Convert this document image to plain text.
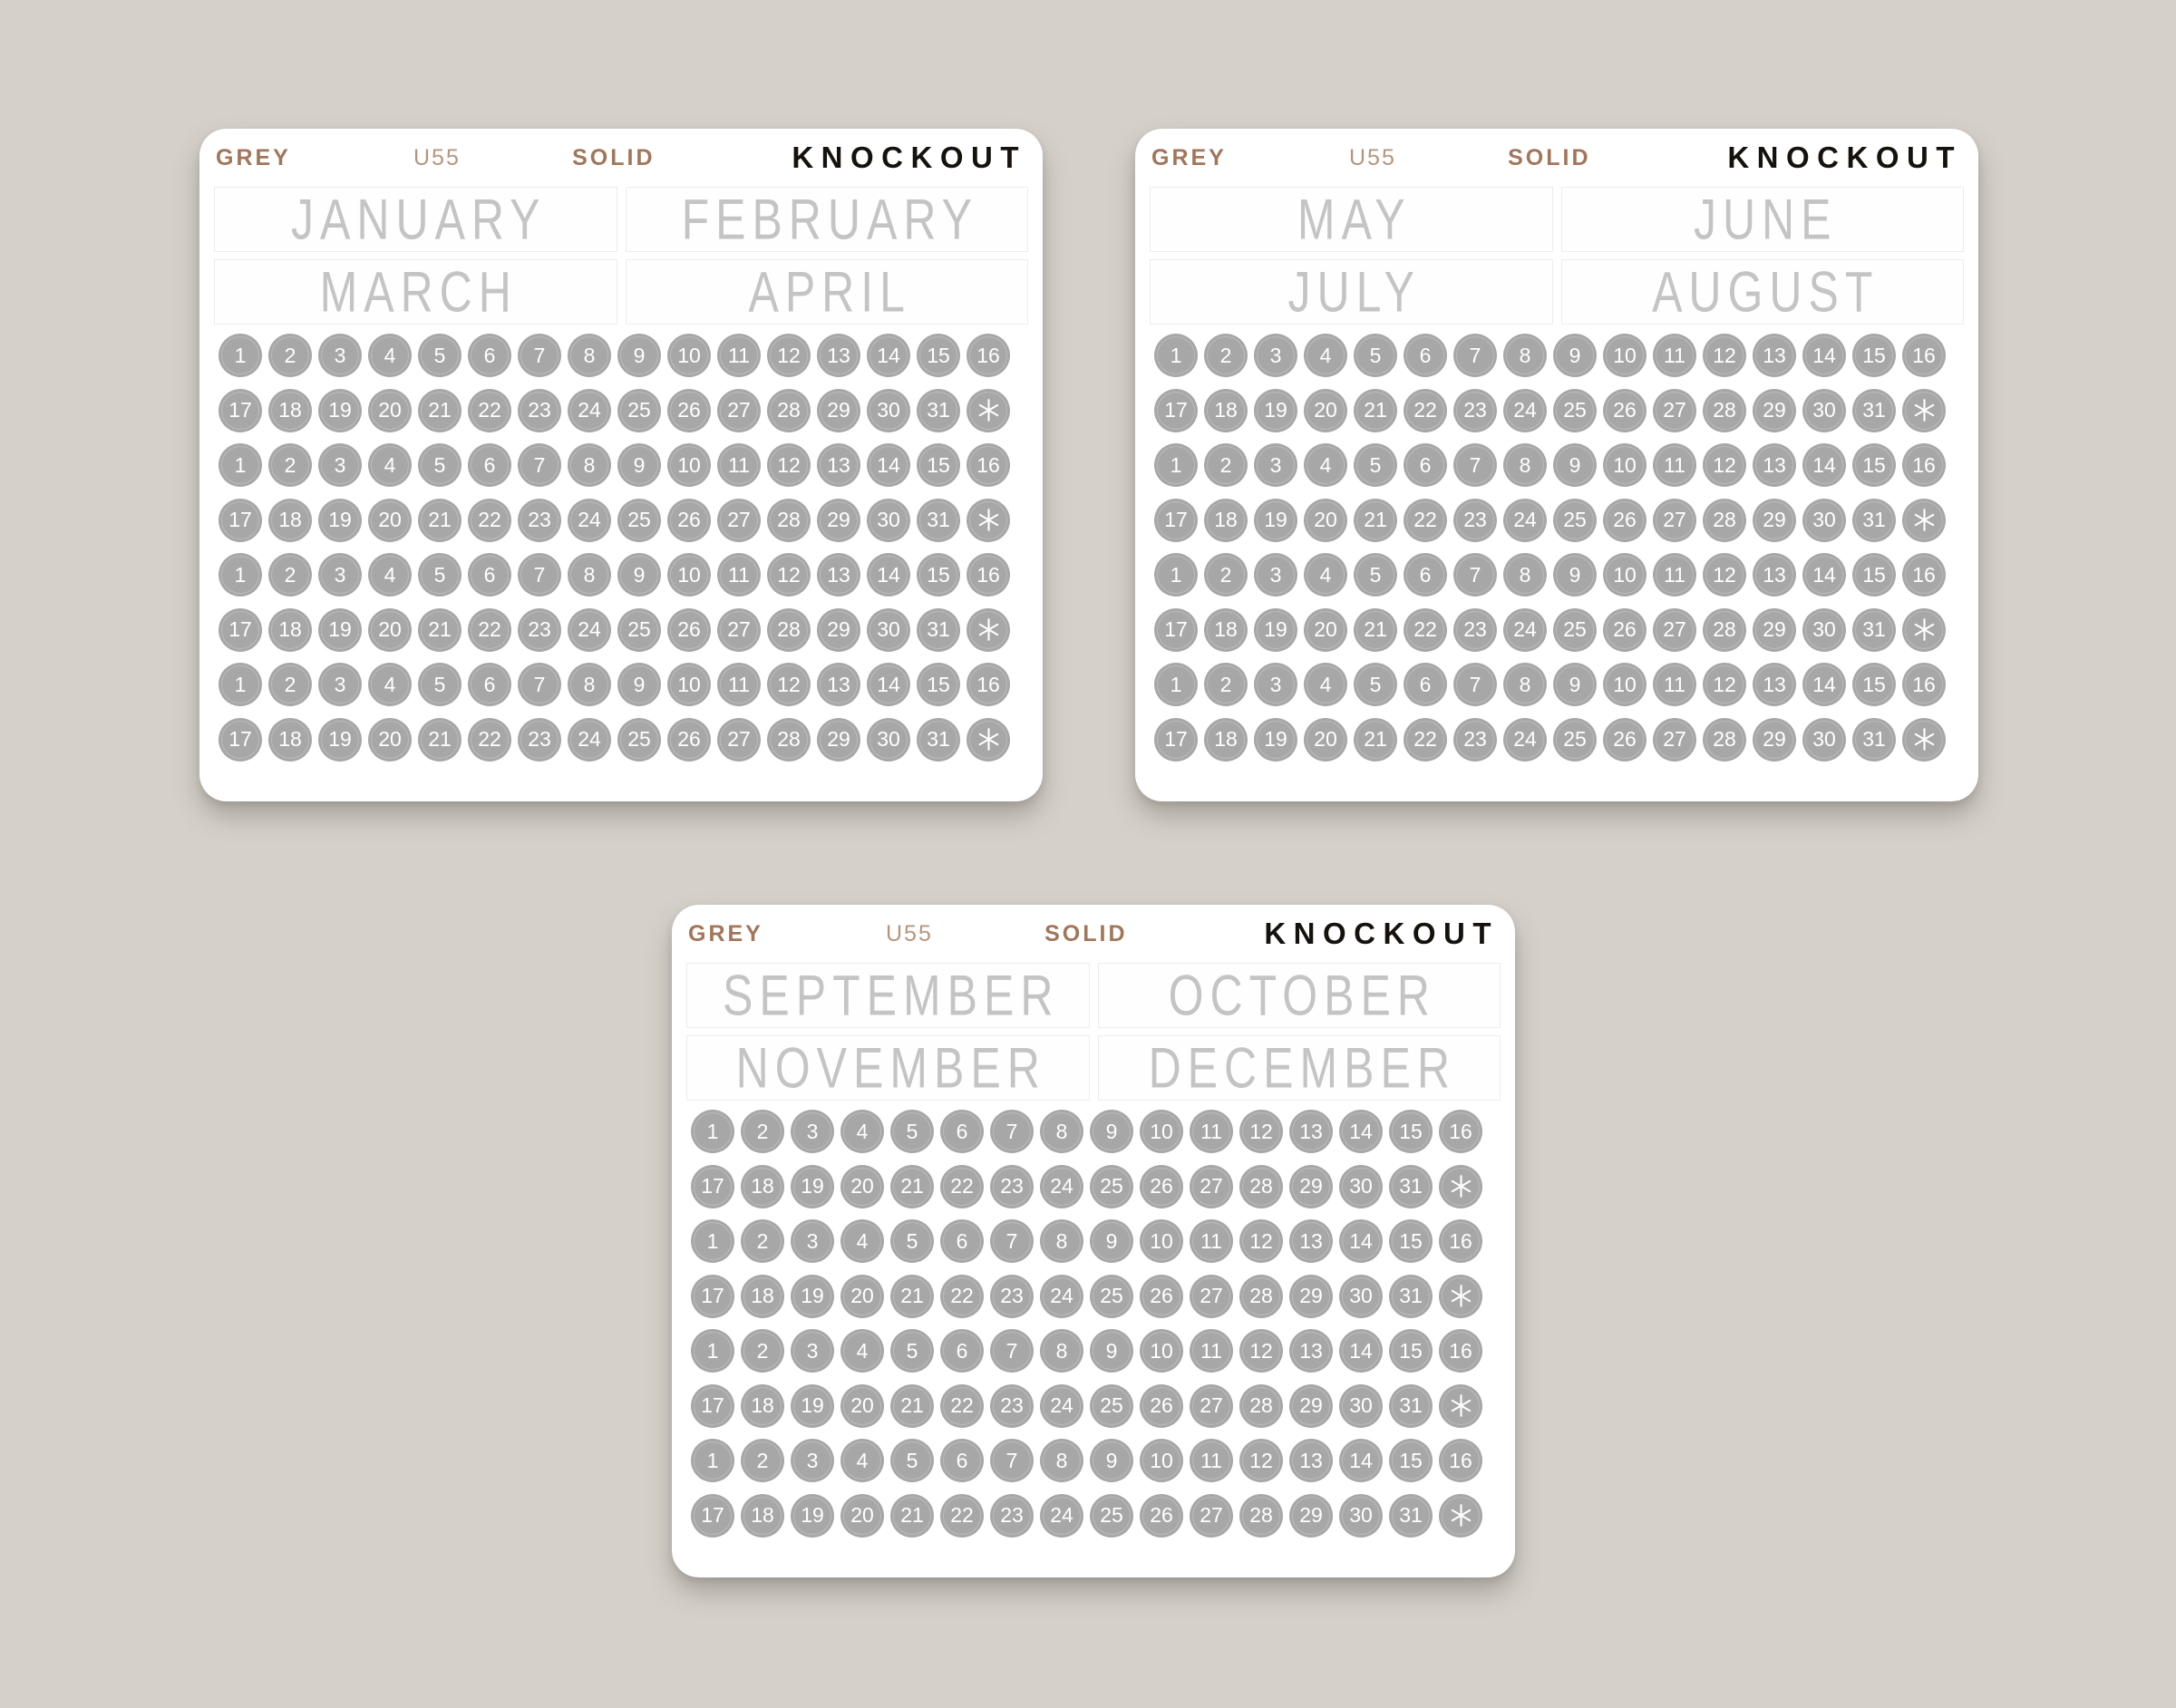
GREY	U55	SOLID	KNOCKOUT
JANUARY	FEBRUARY
MARCH	APRIL
1	2	3	4	5	6	7	8	9	10	11	12	13	14	15	16
17	18	19	20	21	22	23	24	25	26	27	28	29	30	31
1	2	3	4	5	6	7	8	9	10	11	12	13	14	15	16
17	18	19	20	21	22	23	24	25	26	27	28	29	30	31
1	2	3	4	5	6	7	8	9	10	11	12	13	14	15	16
17	18	19	20	21	22	23	24	25	26	27	28	29	30	31
1	2	3	4	5	6	7	8	9	10	11	12	13	14	15	16
17	18	19	20	21	22	23	24	25	26	27	28	29	30	31
GREY	U55	SOLID	KNOCKOUT
MAY	JUNE
JULY	AUGUST
1	2	3	4	5	6	7	8	9	10	11	12	13	14	15	16
17	18	19	20	21	22	23	24	25	26	27	28	29	30	31
1	2	3	4	5	6	7	8	9	10	11	12	13	14	15	16
17	18	19	20	21	22	23	24	25	26	27	28	29	30	31
1	2	3	4	5	6	7	8	9	10	11	12	13	14	15	16
17	18	19	20	21	22	23	24	25	26	27	28	29	30	31
1	2	3	4	5	6	7	8	9	10	11	12	13	14	15	16
17	18	19	20	21	22	23	24	25	26	27	28	29	30	31
GREY	U55	SOLID	KNOCKOUT
SEPTEMBER OCTOBER
NOVEMBER DECEMBER
1	2	3	4	5	6	7	8	9	10	11	12	13	14	15	16
17	18	19	20	21	22	23	24	25	26	27	28	29	30	31
1	2	3	4	5	6	7	8	9	10	11	12	13	14	15	16
17	18	19	20	21	22	23	24	25	26	27	28	29	30	31
1	2	3	4	5	6	7	8	9	10	11	12	13	14	15	16
17	18	19	20	21	22	23	24	25	26	27	28	29	30	31
1	2	3	4	5	6	7	8	9	10	11	12	13	14	15	16
17	18	19	20	21	22	23	24	25	26	27	28	29	30	31
